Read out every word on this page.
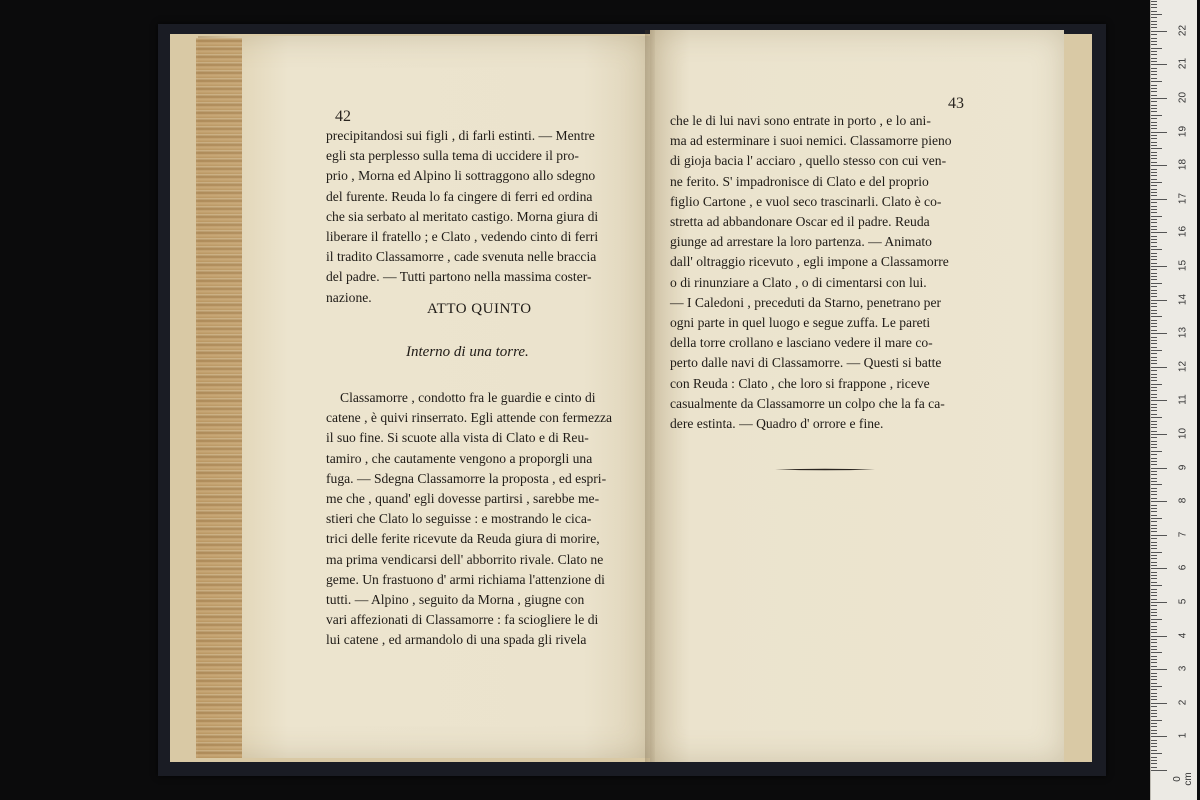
42
precipitandosi sui figli , di farli estinti. — Mentre
egli sta perplesso sulla tema di uccidere il pro-
prio , Morna ed Alpino li sottraggono allo sdegno
del furente. Reuda lo fa cingere di ferri ed ordina
che sia serbato al meritato castigo. Morna giura di
liberare il fratello ; e Clato , vedendo cinto di ferri
il tradito Classamorre , cade svenuta nelle braccia
del padre. — Tutti partono nella massima coster-
nazione.
ATTO QUINTO
Interno di una torre.
Classamorre , condotto fra le guardie e cinto di
catene , è quivi rinserrato. Egli attende con fermezza
il suo fine. Si scuote alla vista di Clato e di Reu-
tamiro , che cautamente vengono a proporgli una
fuga. — Sdegna Classamorre la proposta , ed espri-
me che , quand' egli dovesse partirsi , sarebbe me-
stieri che Clato lo seguisse : e mostrando le cica-
trici delle ferite ricevute da Reuda giura di morire,
ma prima vendicarsi dell' abborrito rivale. Clato ne
geme. Un frastuono d' armi richiama l'attenzione di
tutti. — Alpino , seguito da Morna , giugne con
vari affezionati di Classamorre : fa sciogliere le di
lui catene , ed armandolo di una spada gli rivela
43
che le di lui navi sono entrate in porto , e lo ani-
ma ad esterminare i suoi nemici. Classamorre pieno
di gioja bacia l' acciaro , quello stesso con cui ven-
ne ferito. S' impadronisce di Clato e del proprio
figlio Cartone , e vuol seco trascinarli. Clato è co-
stretta ad abbandonare Oscar ed il padre. Reuda
giunge ad arrestare la loro partenza. — Animato
dall' oltraggio ricevuto , egli impone a Classamorre
o di rinunziare a Clato , o di cimentarsi con lui.
— I Caledoni , preceduti da Starno, penetrano per
ogni parte in quel luogo e segue zuffa. Le pareti
della torre crollano e lasciano vedere il mare co-
perto dalle navi di Classamorre. — Questi si batte
con Reuda : Clato , che loro si frappone , riceve
casualmente da Classamorre un colpo che la fa ca-
dere estinta. — Quadro d' orrore e fine.
0 cm
1
2
3
4
5
6
7
8
9
10
11
12
13
14
15
16
17
18
19
20
21
22
